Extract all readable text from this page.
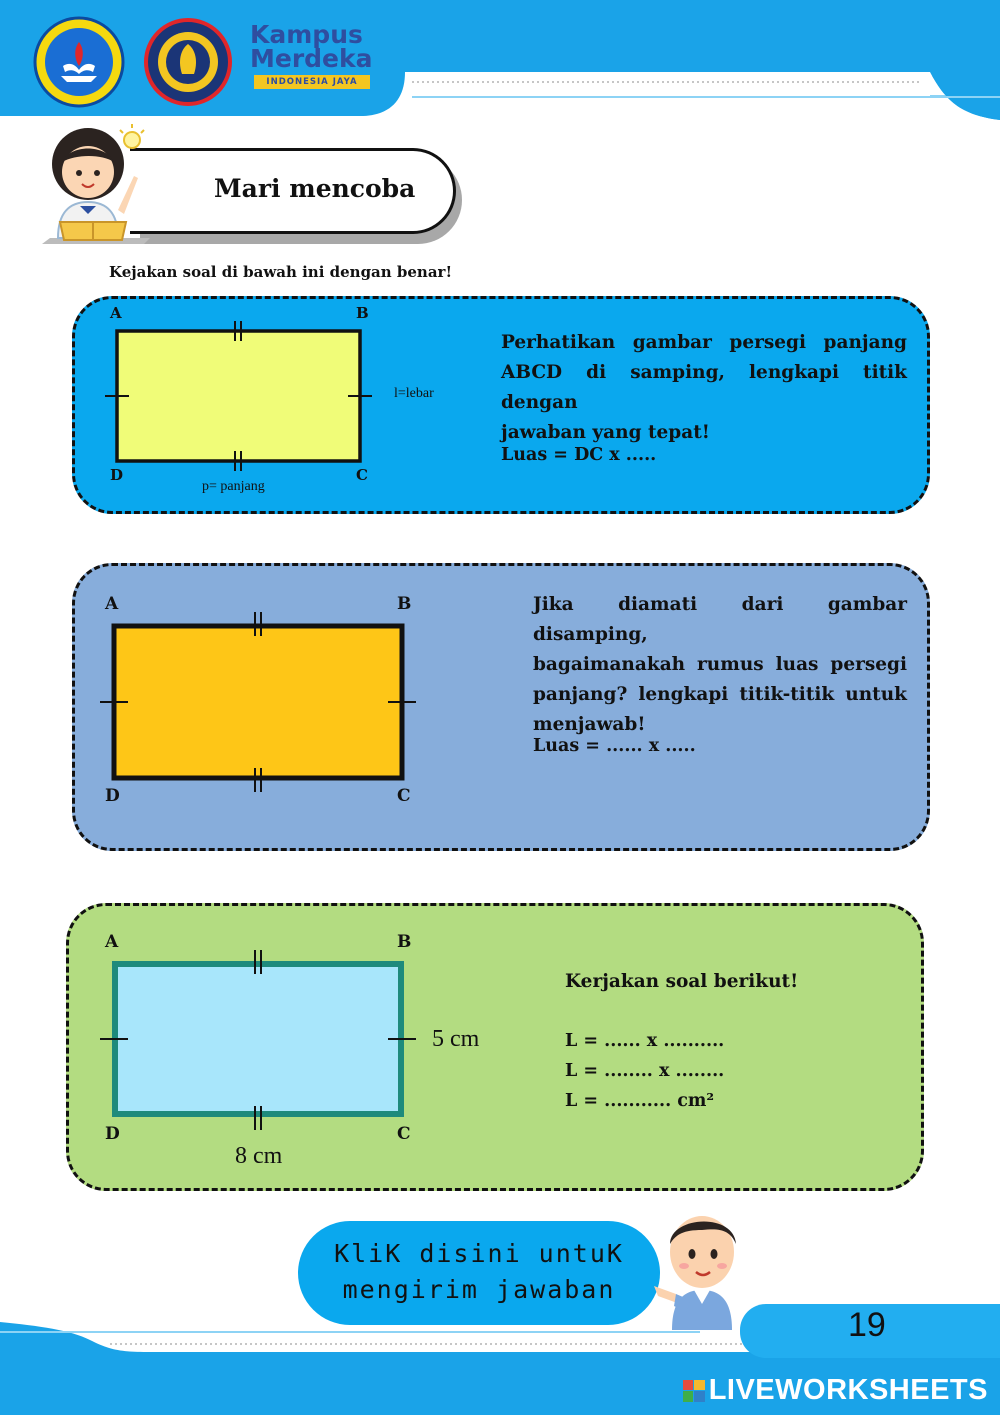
Kampus
Merdeka
INDONESIA JAYA
Mari mencoba
Kejakan soal di bawah ini dengan benar!
A	B
D	C
l=lebar
p= panjang
Perhatikan gambar persegi panjang
ABCD di samping, lengkapi titik dengan
jawaban yang tepat!
Luas = DC x .....
A	B
D	C
Jika diamati dari gambar disamping,
bagaimanakah rumus luas persegi
panjang? lengkapi titik-titik untuk
menjawab!
Luas = ...... x .....
A	B
D	C
5 cm
8 cm
Kerjakan soal berikut!
L = ...... x ..........
L = ........ x ........
L = ........... cm²
KliK disini untuK
mengirim jawaban
19
LIVEWORKSHEETS
